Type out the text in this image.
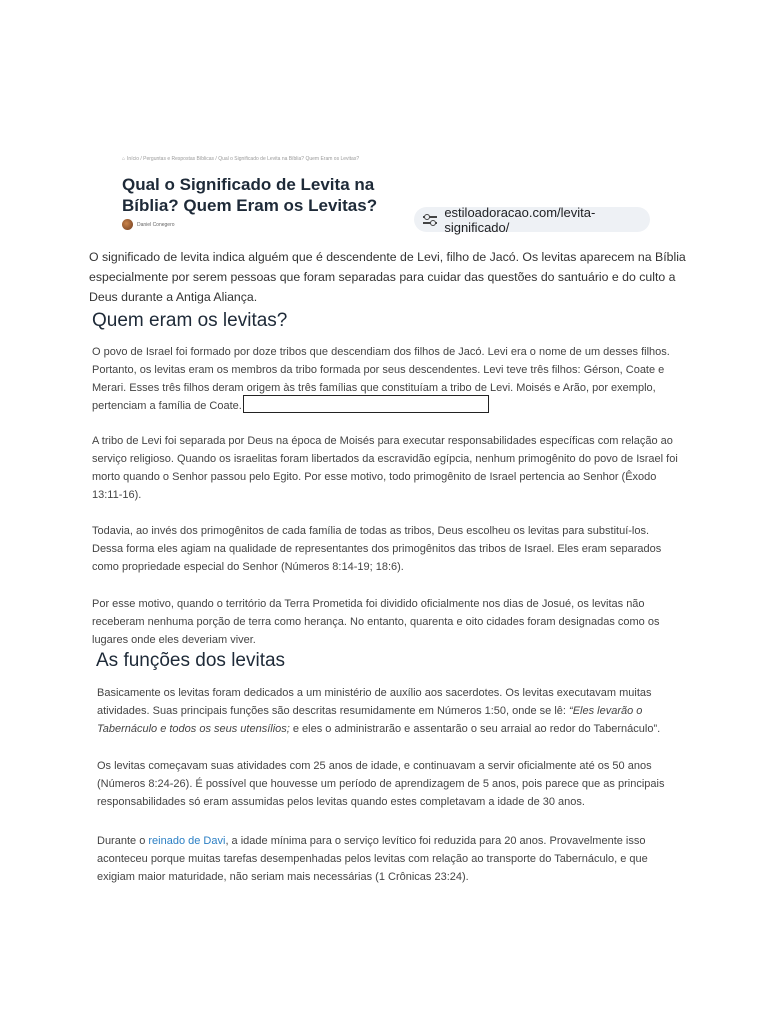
⌂ Início / Perguntas e Respostas Bíblicas / Qual o Significado de Levita na Bíblia? Quem Eram os Levitas?
Qual o Significado de Levita na Bíblia? Quem Eram os Levitas?
Daniel Conegero
estiloadoracao.com/levita-significado/

O significado de levita indica alguém que é descendente de Levi, filho de Jacó. Os levitas aparecem na Bíblia especialmente por serem pessoas que foram separadas para cuidar das questões do santuário e do culto a Deus durante a Antiga Aliança.

Quem eram os levitas?

O povo de Israel foi formado por doze tribos que descendiam dos filhos de Jacó. Levi era o nome de um desses filhos. Portanto, os levitas eram os membros da tribo formada por seus descendentes. Levi teve três filhos: Gérson, Coate e Merari. Esses três filhos deram origem às três famílias que constituíam a tribo de Levi. Moisés e Arão, por exemplo, pertenciam a família de Coate.

A tribo de Levi foi separada por Deus na época de Moisés para executar responsabilidades específicas com relação ao serviço religioso. Quando os israelitas foram libertados da escravidão egípcia, nenhum primogênito do povo de Israel foi morto quando o Senhor passou pelo Egito. Por esse motivo, todo primogênito de Israel pertencia ao Senhor (Êxodo 13:11-16).

Todavia, ao invés dos primogênitos de cada família de todas as tribos, Deus escolheu os levitas para substituí-los. Dessa forma eles agiam na qualidade de representantes dos primogênitos das tribos de Israel. Eles eram separados como propriedade especial do Senhor (Números 8:14-19; 18:6).

Por esse motivo, quando o território da Terra Prometida foi dividido oficialmente nos dias de Josué, os levitas não receberam nenhuma porção de terra como herança. No entanto, quarenta e oito cidades foram designadas como os lugares onde eles deveriam viver.

As funções dos levitas

Basicamente os levitas foram dedicados a um ministério de auxílio aos sacerdotes. Os levitas executavam muitas atividades. Suas principais funções são descritas resumidamente em Números 1:50, onde se lê: “Eles levarão o Tabernáculo e todos os seus utensílios; e eles o administrarão e assentarão o seu arraial ao redor do Tabernáculo”.

Os levitas começavam suas atividades com 25 anos de idade, e continuavam a servir oficialmente até os 50 anos (Números 8:24-26). É possível que houvesse um período de aprendizagem de 5 anos, pois parece que as principais responsabilidades só eram assumidas pelos levitas quando estes completavam a idade de 30 anos.

Durante o reinado de Davi, a idade mínima para o serviço levítico foi reduzida para 20 anos. Provavelmente isso aconteceu porque muitas tarefas desempenhadas pelos levitas com relação ao transporte do Tabernáculo, e que exigiam maior maturidade, não seriam mais necessárias (1 Crônicas 23:24).
